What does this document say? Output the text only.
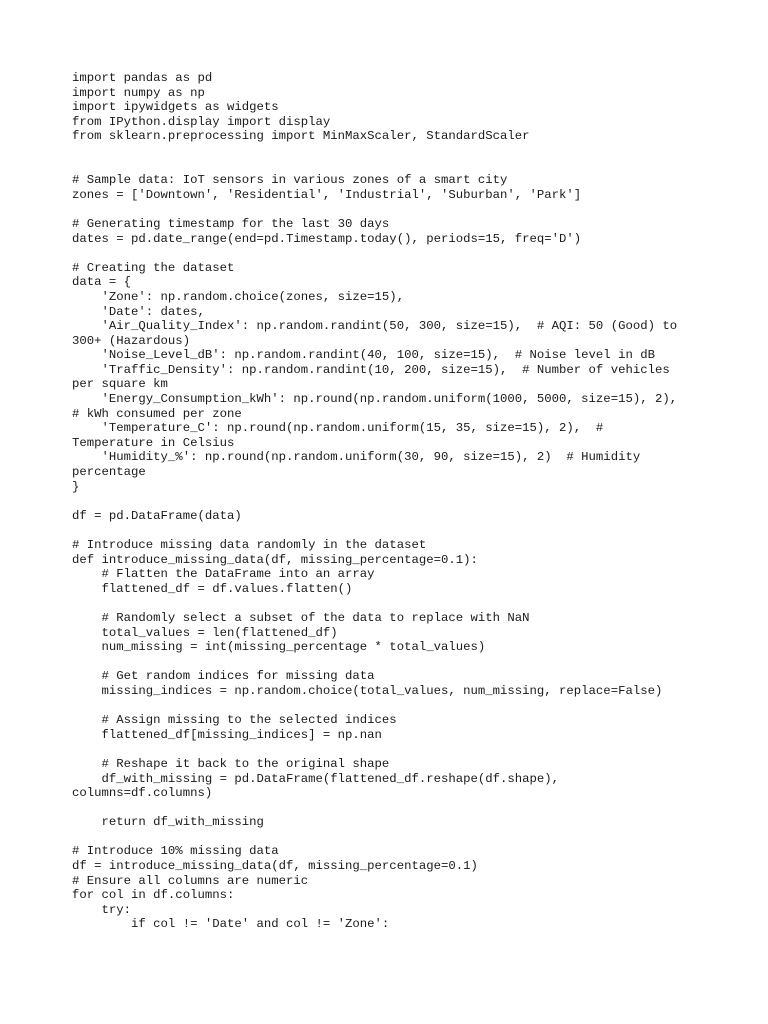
import pandas as pd
import numpy as np
import ipywidgets as widgets
from IPython.display import display
from sklearn.preprocessing import MinMaxScaler, StandardScaler
# Sample data: IoT sensors in various zones of a smart city
zones = ['Downtown', 'Residential', 'Industrial', 'Suburban', 'Park']
# Generating timestamp for the last 30 days
dates = pd.date_range(end=pd.Timestamp.today(), periods=15, freq='D')
# Creating the dataset
data = {
'Zone': np.random.choice(zones, size=15),
'Date': dates,
'Air_Quality_Index': np.random.randint(50, 300, size=15),  # AQI: 50 (Good) to
300+ (Hazardous)
'Noise_Level_dB': np.random.randint(40, 100, size=15),  # Noise level in dB
'Traffic_Density': np.random.randint(10, 200, size=15),  # Number of vehicles
per square km
'Energy_Consumption_kWh': np.round(np.random.uniform(1000, 5000, size=15), 2),
# kWh consumed per zone
'Temperature_C': np.round(np.random.uniform(15, 35, size=15), 2),  #
Temperature in Celsius
'Humidity_%': np.round(np.random.uniform(30, 90, size=15), 2)  # Humidity
percentage
}
df = pd.DataFrame(data)
# Introduce missing data randomly in the dataset
def introduce_missing_data(df, missing_percentage=0.1):
# Flatten the DataFrame into an array
flattened_df = df.values.flatten()
# Randomly select a subset of the data to replace with NaN
total_values = len(flattened_df)
num_missing = int(missing_percentage * total_values)
# Get random indices for missing data
missing_indices = np.random.choice(total_values, num_missing, replace=False)
# Assign missing to the selected indices
flattened_df[missing_indices] = np.nan
# Reshape it back to the original shape
df_with_missing = pd.DataFrame(flattened_df.reshape(df.shape),
columns=df.columns)
return df_with_missing
# Introduce 10% missing data
df = introduce_missing_data(df, missing_percentage=0.1)
# Ensure all columns are numeric
for col in df.columns:
try:
if col != 'Date' and col != 'Zone':
